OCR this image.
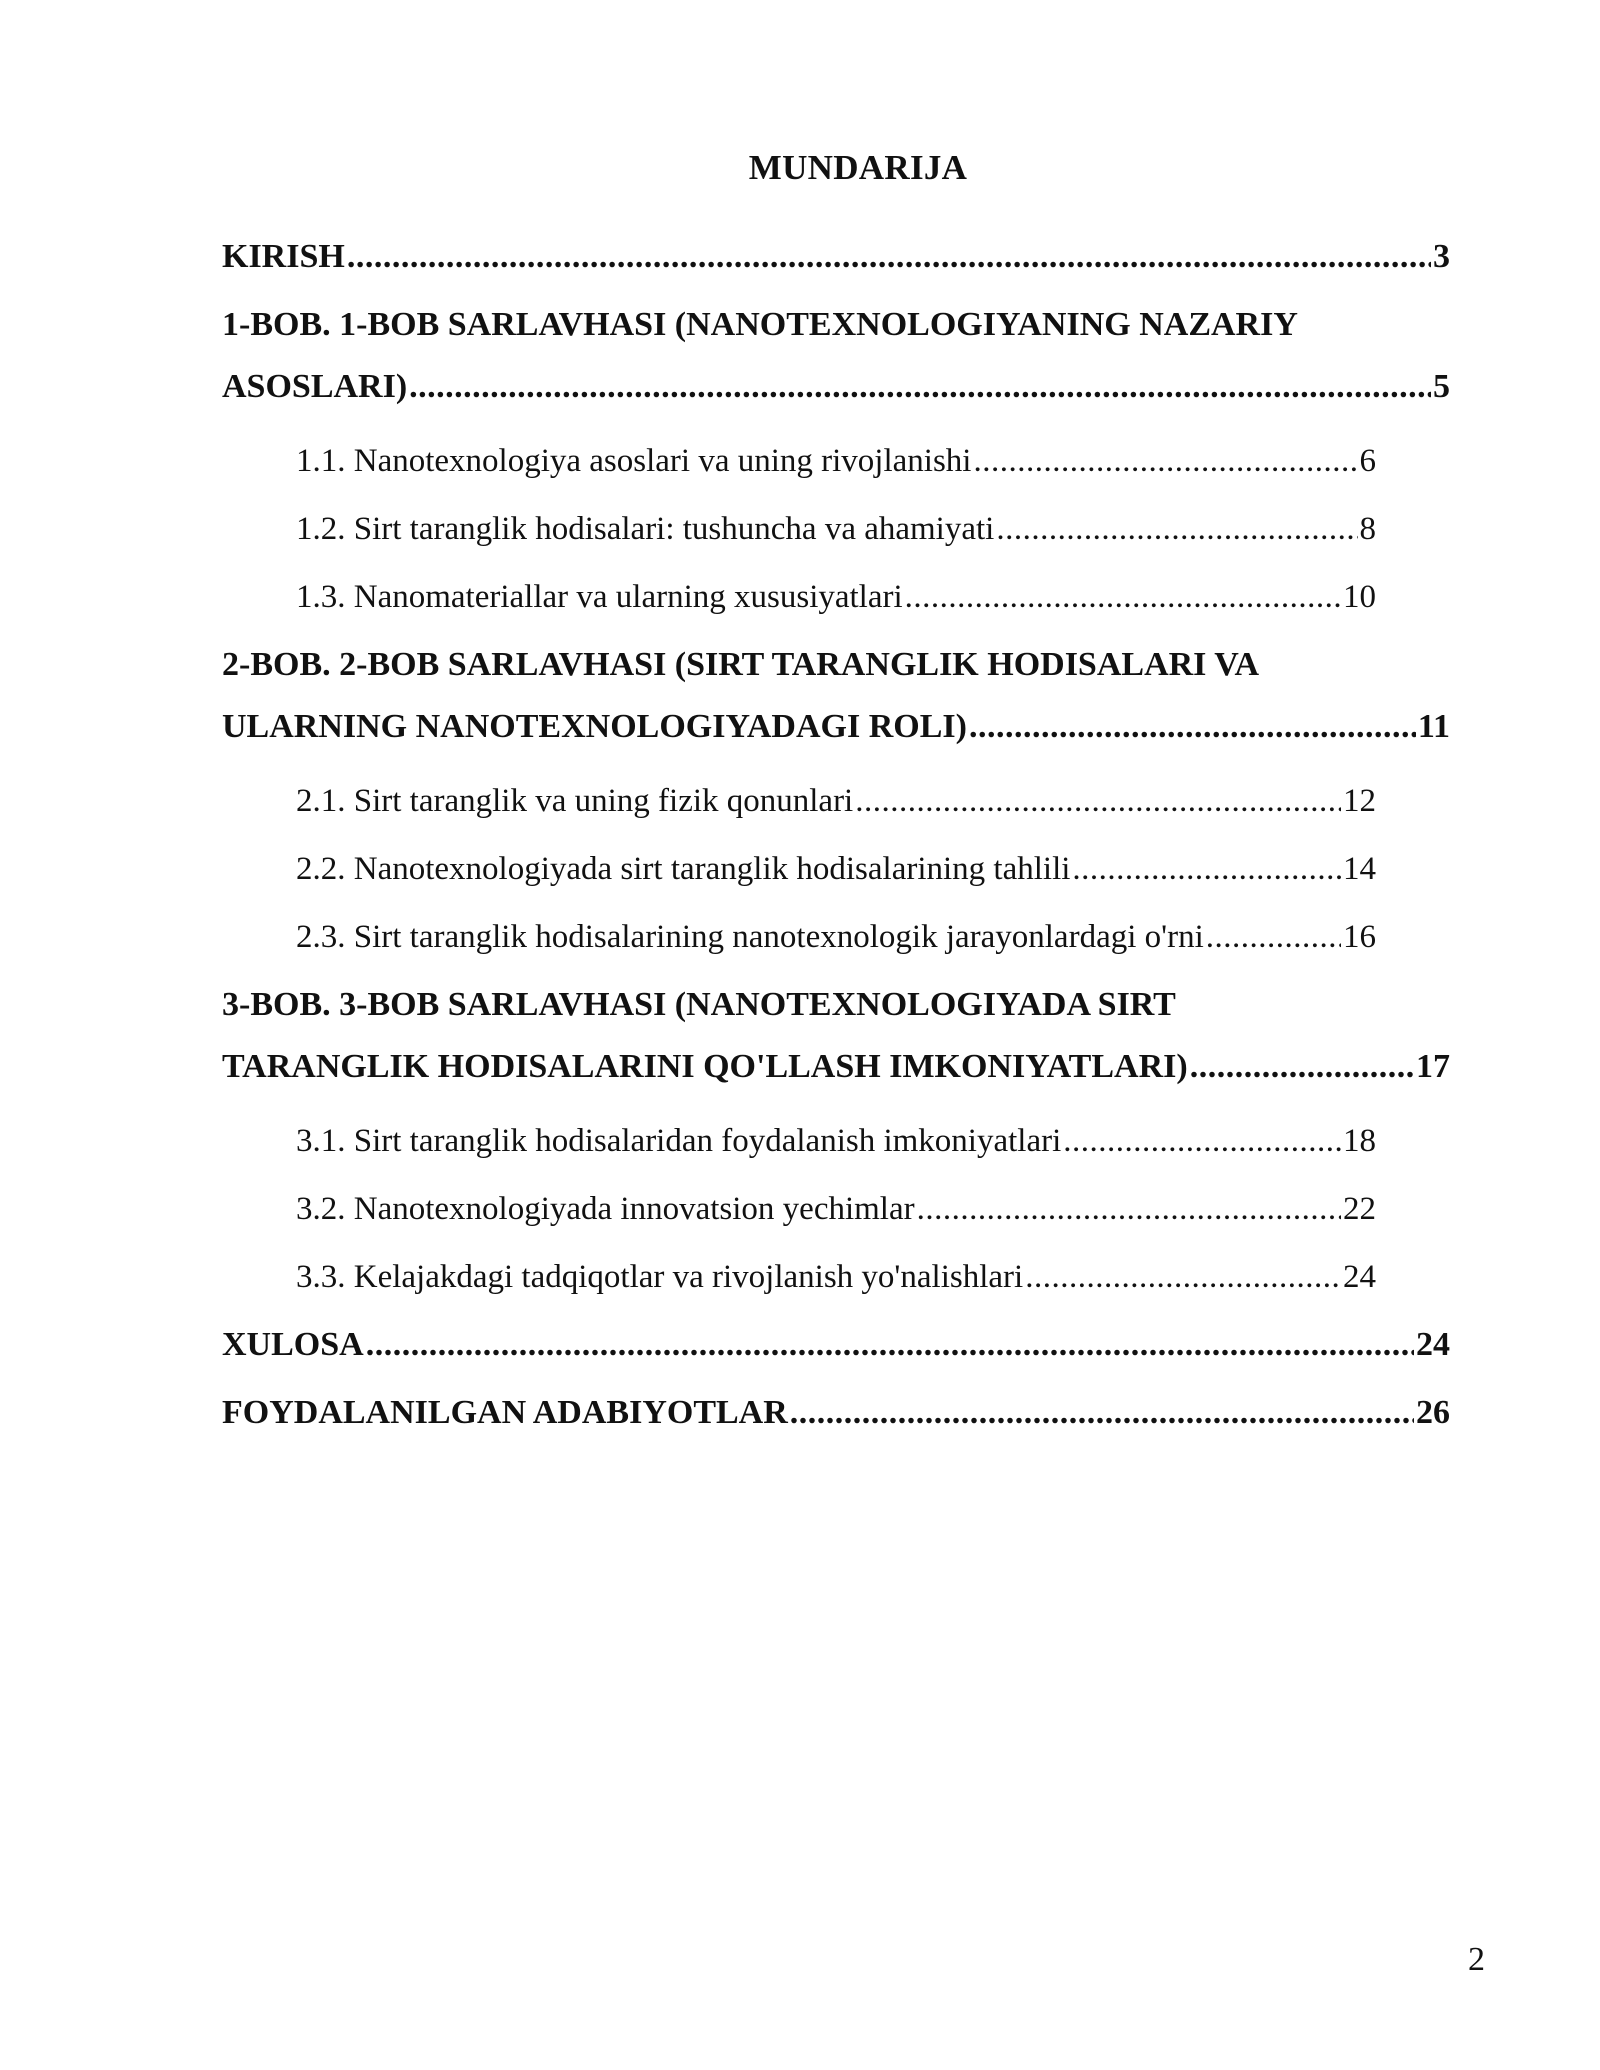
MUNDARIJA
KIRISH .....	3
1-BOB. 1-BOB SARLAVHASI (NANOTEXNOLOGIYANING NAZARIY
ASOSLARI) .....	5
1.1. Nanotexnologiya asoslari va uning rivojlanishi .....	6
1.2. Sirt taranglik hodisalari: tushuncha va ahamiyati .....	8
1.3. Nanomateriallar va ularning xususiyatlari .....	10
2-BOB. 2-BOB SARLAVHASI (SIRT TARANGLIK HODISALARI VA
ULARNING NANOTEXNOLOGIYADAGI ROLI) .....	11
2.1. Sirt taranglik va uning fizik qonunlari .....	12
2.2. Nanotexnologiyada sirt taranglik hodisalarining tahlili .....	14
2.3. Sirt taranglik hodisalarining nanotexnologik jarayonlardagi o'rni .....	16
3-BOB. 3-BOB SARLAVHASI (NANOTEXNOLOGIYADA SIRT
TARANGLIK HODISALARINI QO'LLASH IMKONIYATLARI) .....	17
3.1. Sirt taranglik hodisalaridan foydalanish imkoniyatlari .....	18
3.2. Nanotexnologiyada innovatsion yechimlar .....	22
3.3. Kelajakdagi tadqiqotlar va rivojlanish yo'nalishlari .....	24
XULOSA .....	24
FOYDALANILGAN ADABIYOTLAR .....	26
2
